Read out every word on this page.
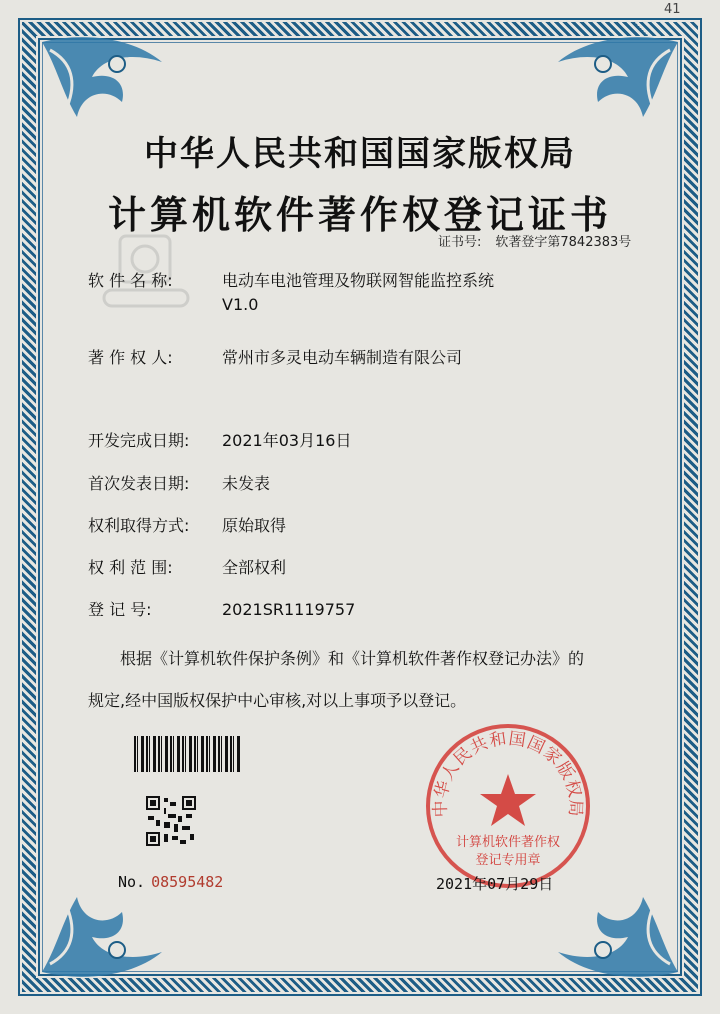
41
中华人民共和国国家版权局
计算机软件著作权登记证书
证书号: 软著登字第7842383号
软 件 名 称:	电动车电池管理及物联网智能监控系统
V1.0
著 作 权 人:	常州市多灵电动车辆制造有限公司
开发完成日期: 2021年03月16日
首次发表日期: 未发表
权利取得方式: 原始取得
权 利 范 围:	全部权利
登 记 号:	2021SR1119757
根据《计算机软件保护条例》和《计算机软件著作权登记办法》的
规定,经中国版权保护中心审核,对以上事项予以登记。
No. 08595482
中华人民共和国国家版权局
计算机软件著作权
登记专用章
2021年07月29日
